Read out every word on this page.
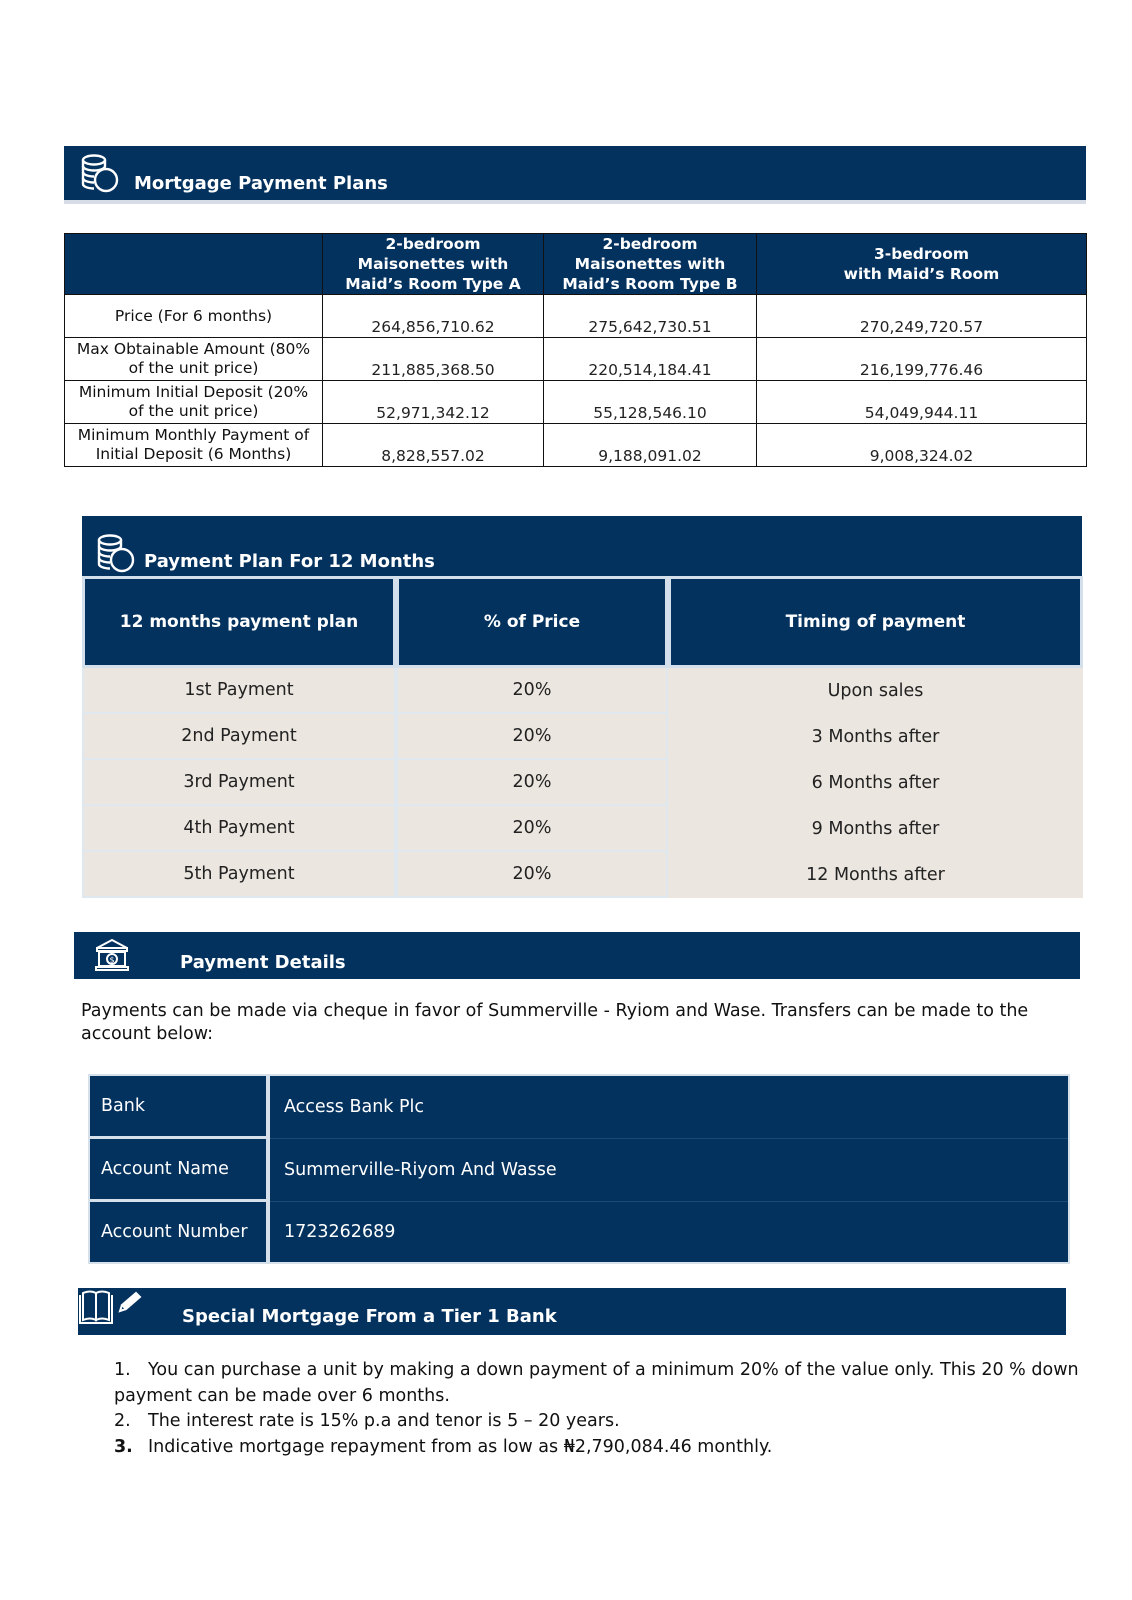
Mortgage Payment Plans
	2-bedroom
Maisonettes with
Maid’s Room Type A	2-bedroom
Maisonettes with
Maid’s Room Type B	3-bedroom
with Maid’s Room
Price (For 6 months)	264,856,710.62	275,642,730.51	270,249,720.57
Max Obtainable Amount (80%
of the unit price)	211,885,368.50	220,514,184.41	216,199,776.46
Minimum Initial Deposit (20%
of the unit price)	52,971,342.12	55,128,546.10	54,049,944.11
Minimum Monthly Payment of
Initial Deposit (6 Months)	8,828,557.02	9,188,091.02	9,008,324.02
Payment Plan For 12 Months
12 months payment plan	% of Price	Timing of payment
1st Payment	20%	Upon sales
2nd Payment	20%	3 Months after
3rd Payment	20%	6 Months after
4th Payment	20%	9 Months after
5th Payment	20%	12 Months after
$	Payment Details
Payments can be made via cheque in favor of Summerville - Ryiom and Wase. Transfers can be made to the account below:
Bank	Access Bank Plc
Account Name	Summerville-Riyom And Wasse
Account Number	1723262689
Special Mortgage From a Tier 1 Bank
1. You can purchase a unit by making a down payment of a minimum 20% of the value only. This 20 % down payment can be made over 6 months.
2. The interest rate is 15% p.a and tenor is 5 – 20 years.
3. Indicative mortgage repayment from as low as ₦2,790,084.46 monthly.
